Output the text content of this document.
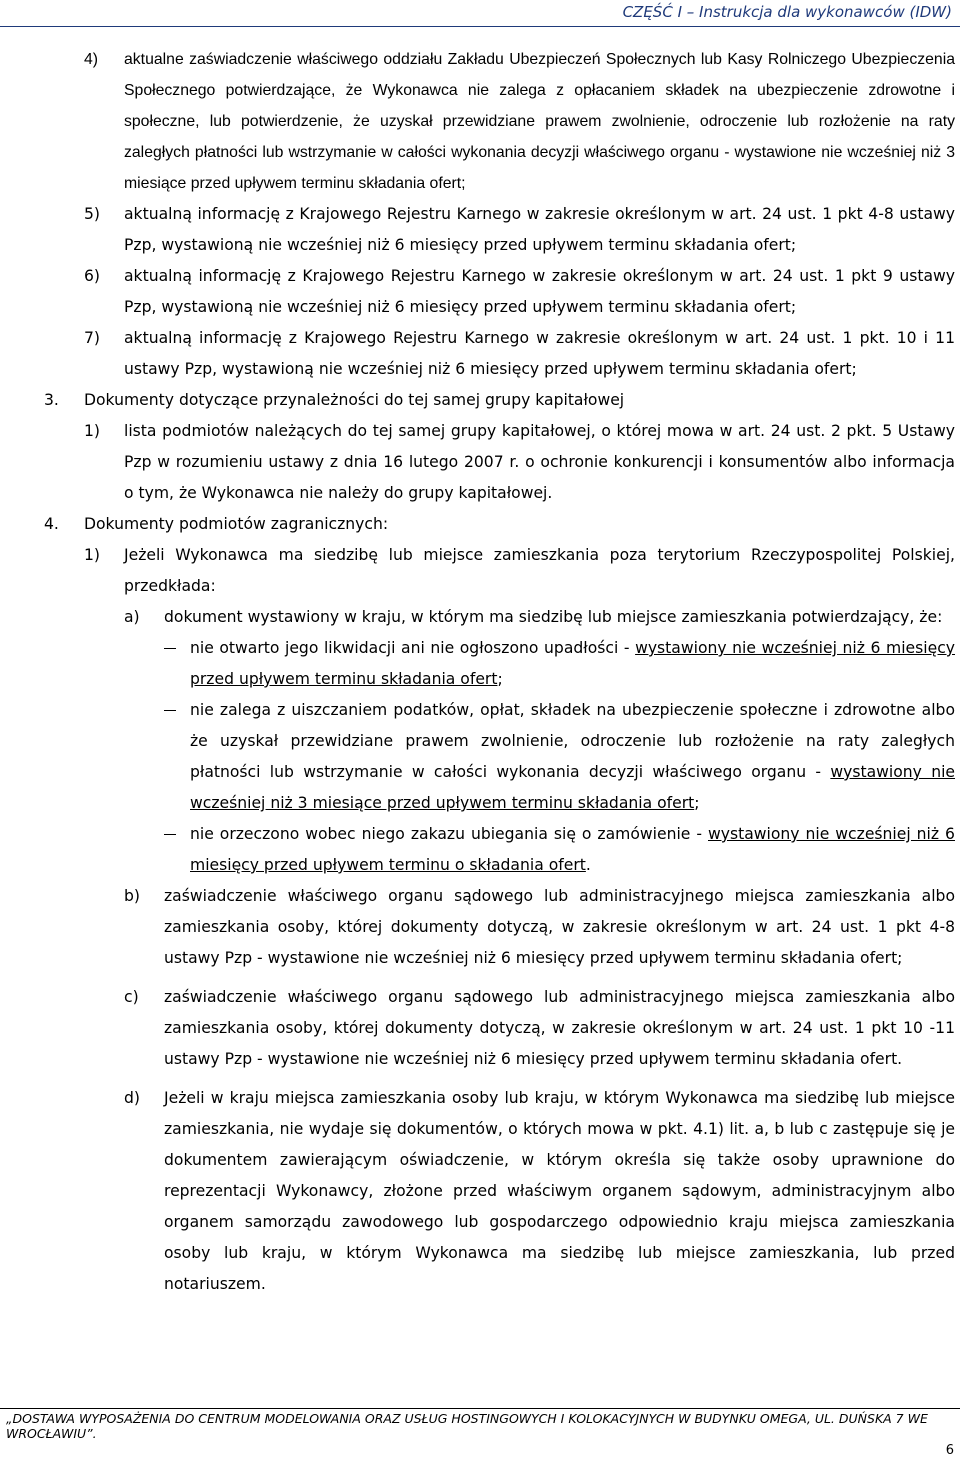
CZĘŚĆ I – Instrukcja dla wykonawców (IDW)
4) aktualne zaświadczenie właściwego oddziału Zakładu Ubezpieczeń Społecznych lub Kasy Rolniczego Ubezpieczenia Społecznego potwierdzające, że Wykonawca nie zalega z opłacaniem składek na ubezpieczenie zdrowotne i społeczne, lub potwierdzenie, że uzyskał przewidziane prawem zwolnienie, odroczenie lub rozłożenie na raty zaległych płatności lub wstrzymanie w całości wykonania decyzji właściwego organu - wystawione nie wcześniej niż 3 miesiące przed upływem terminu składania ofert;
5) aktualną informację z Krajowego Rejestru Karnego w zakresie określonym w art. 24 ust. 1 pkt 4-8 ustawy Pzp, wystawioną nie wcześniej niż 6 miesięcy przed upływem terminu składania ofert;
6) aktualną informację z Krajowego Rejestru Karnego w zakresie określonym w art. 24 ust. 1 pkt 9 ustawy Pzp, wystawioną nie wcześniej niż 6 miesięcy przed upływem terminu składania ofert;
7) aktualną informację z Krajowego Rejestru Karnego w zakresie określonym w art. 24 ust. 1 pkt. 10 i 11 ustawy Pzp, wystawioną nie wcześniej niż 6 miesięcy przed upływem terminu składania ofert;
3. Dokumenty dotyczące przynależności do tej samej grupy kapitałowej
1) lista podmiotów należących do tej samej grupy kapitałowej, o której mowa w art. 24 ust. 2 pkt. 5 Ustawy Pzp w rozumieniu ustawy z dnia 16 lutego 2007 r. o ochronie konkurencji i konsumentów albo informacja o tym, że Wykonawca nie należy do grupy kapitałowej.
4. Dokumenty podmiotów zagranicznych:
1) Jeżeli Wykonawca ma siedzibę lub miejsce zamieszkania poza terytorium Rzeczypospolitej Polskiej, przedkłada:
a) dokument wystawiony w kraju, w którym ma siedzibę lub miejsce zamieszkania potwierdzający, że:
nie otwarto jego likwidacji ani nie ogłoszono upadłości - wystawiony nie wcześniej niż 6 miesięcy przed upływem terminu składania ofert;
nie zalega z uiszczaniem podatków, opłat, składek na ubezpieczenie społeczne i zdrowotne albo że uzyskał przewidziane prawem zwolnienie, odroczenie lub rozłożenie na raty zaległych płatności lub wstrzymanie w całości wykonania decyzji właściwego organu - wystawiony nie wcześniej niż 3 miesiące przed upływem terminu składania ofert;
nie orzeczono wobec niego zakazu ubiegania się o zamówienie - wystawiony nie wcześniej niż 6 miesięcy przed upływem terminu o składania ofert.
b) zaświadczenie właściwego organu sądowego lub administracyjnego miejsca zamieszkania albo zamieszkania osoby, której dokumenty dotyczą, w zakresie określonym w art. 24 ust. 1 pkt 4-8 ustawy Pzp - wystawione nie wcześniej niż 6 miesięcy przed upływem terminu składania ofert;
c) zaświadczenie właściwego organu sądowego lub administracyjnego miejsca zamieszkania albo zamieszkania osoby, której dokumenty dotyczą, w zakresie określonym w art. 24 ust. 1 pkt 10 -11 ustawy Pzp - wystawione nie wcześniej niż 6 miesięcy przed upływem terminu składania ofert.
d) Jeżeli w kraju miejsca zamieszkania osoby lub kraju, w którym Wykonawca ma siedzibę lub miejsce zamieszkania, nie wydaje się dokumentów, o których mowa w pkt. 4.1) lit. a, b lub c zastępuje się je dokumentem zawierającym oświadczenie, w którym określa się także osoby uprawnione do reprezentacji Wykonawcy, złożone przed właściwym organem sądowym, administracyjnym albo organem samorządu zawodowego lub gospodarczego odpowiednio kraju miejsca zamieszkania osoby lub kraju, w którym Wykonawca ma siedzibę lub miejsce zamieszkania, lub przed notariuszem.
„DOSTAWA WYPOSAŻENIA DO CENTRUM MODELOWANIA ORAZ USŁUG HOSTINGOWYCH I KOLOKACYJNYCH W BUDYNKU OMEGA, UL. DUŃSKA 7 WE WROCŁAWIU”.
6
